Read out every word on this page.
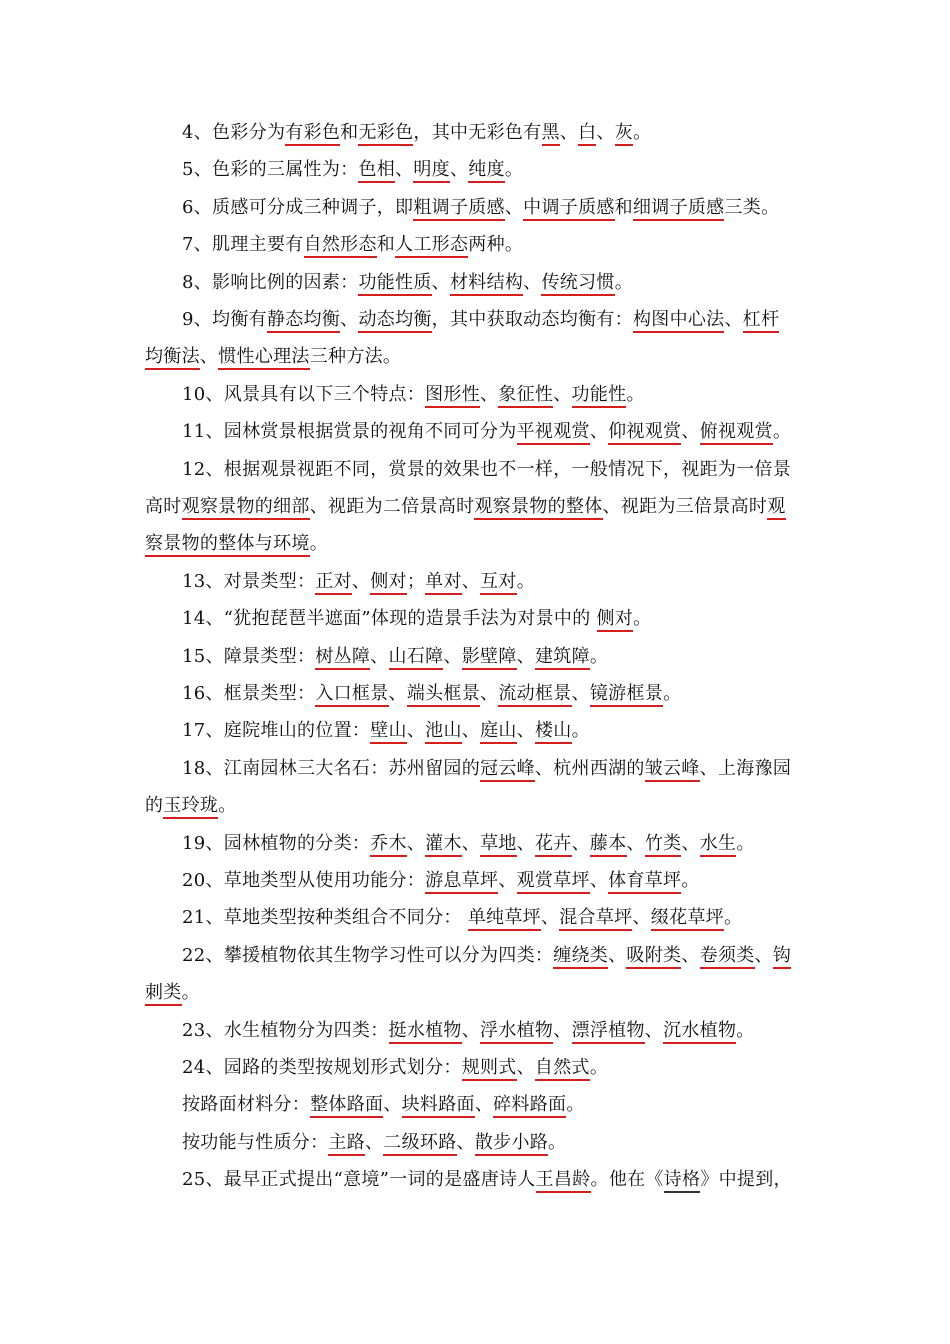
4、色彩分为有彩色和无彩色，其中无彩色有黑、白、灰。
5、色彩的三属性为：色相、明度、纯度。
6、质感可分成三种调子，即粗调子质感、中调子质感和细调子质感三类。
7、肌理主要有自然形态和人工形态两种。
8、影响比例的因素：功能性质、材料结构、传统习惯。
9、均衡有静态均衡、动态均衡，其中获取动态均衡有：构图中心法、杠杆
均衡法、惯性心理法三种方法。
10、风景具有以下三个特点：图形性、象征性、功能性。
11、园林赏景根据赏景的视角不同可分为平视观赏、仰视观赏、俯视观赏。
12、根据观景视距不同，赏景的效果也不一样，一般情况下，视距为一倍景
高时观察景物的细部、视距为二倍景高时观察景物的整体、视距为三倍景高时观
察景物的整体与环境。
13、对景类型：正对、侧对；单对、互对。
14、“犹抱琵琶半遮面”体现的造景手法为对景中的 侧对。
15、障景类型：树丛障、山石障、影壁障、建筑障。
16、框景类型：入口框景、端头框景、流动框景、镜游框景。
17、庭院堆山的位置：壁山、池山、庭山、楼山。
18、江南园林三大名石：苏州留园的冠云峰、杭州西湖的皱云峰、上海豫园
的玉玲珑。
19、园林植物的分类：乔木、灌木、草地、花卉、藤本、竹类、水生。
20、草地类型从使用功能分：游息草坪、观赏草坪、体育草坪。
21、草地类型按种类组合不同分： 单纯草坪、混合草坪、缀花草坪。
22、攀援植物依其生物学习性可以分为四类：缠绕类、吸附类、卷须类、钩
刺类。
23、水生植物分为四类：挺水植物、浮水植物、漂浮植物、沉水植物。
24、园路的类型按规划形式划分：规则式、自然式。
按路面材料分：整体路面、块料路面、碎料路面。
按功能与性质分：主路、二级环路、散步小路。
25、最早正式提出“意境”一词的是盛唐诗人王昌龄。他在《诗格》中提到，
